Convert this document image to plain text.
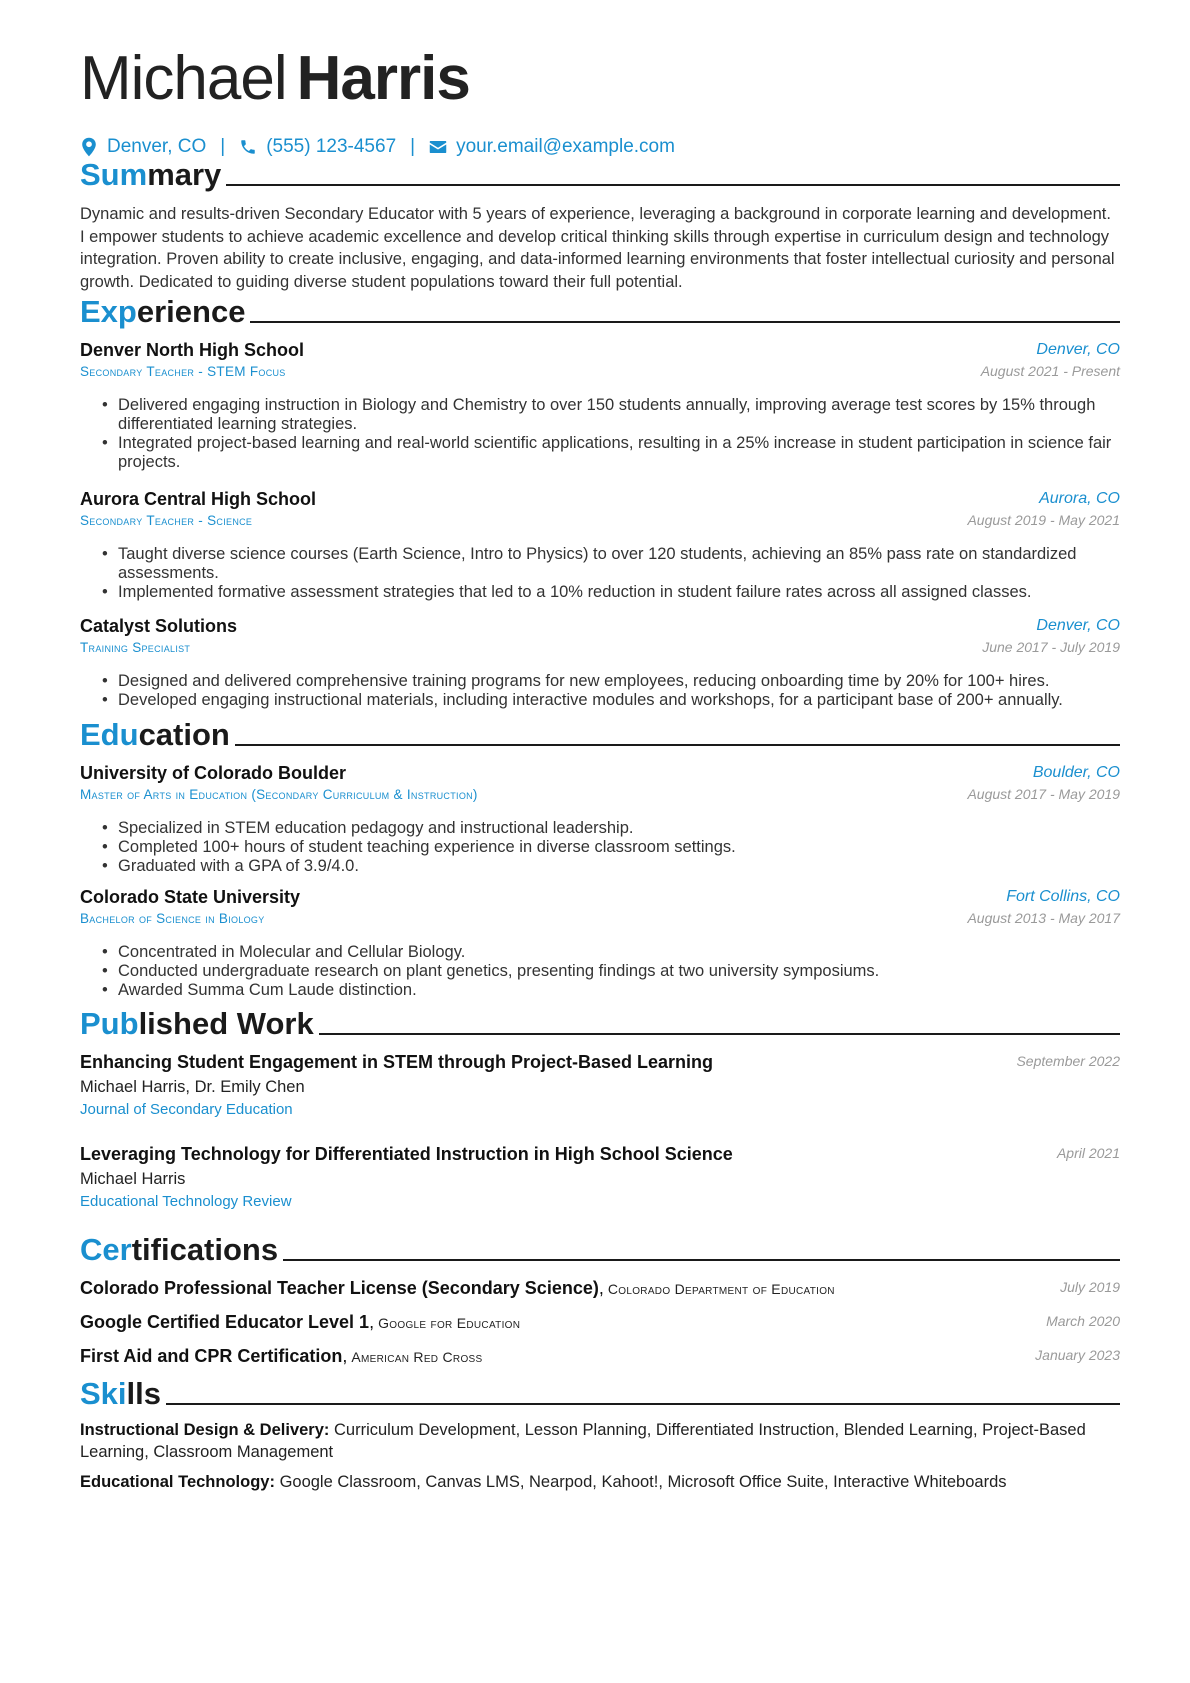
Michael Harris
Denver, CO | (555) 123-4567 | your.email@example.com
Summary
Dynamic and results-driven Secondary Educator with 5 years of experience, leveraging a background in corporate learning and development. I empower students to achieve academic excellence and develop critical thinking skills through expertise in curriculum design and technology integration. Proven ability to create inclusive, engaging, and data-informed learning environments that foster intellectual curiosity and personal growth. Dedicated to guiding diverse student populations toward their full potential.
Experience
Denver North High School	Denver, CO
Secondary Teacher - STEM Focus	August 2021 - Present
• Delivered engaging instruction in Biology and Chemistry to over 150 students annually, improving average test scores by 15% through differentiated learning strategies.
• Integrated project-based learning and real-world scientific applications, resulting in a 25% increase in student participation in science fair projects.
Aurora Central High School	Aurora, CO
Secondary Teacher - Science	August 2019 - May 2021
• Taught diverse science courses (Earth Science, Intro to Physics) to over 120 students, achieving an 85% pass rate on standardized assessments.
• Implemented formative assessment strategies that led to a 10% reduction in student failure rates across all assigned classes.
Catalyst Solutions	Denver, CO
Training Specialist	June 2017 - July 2019
• Designed and delivered comprehensive training programs for new employees, reducing onboarding time by 20% for 100+ hires.
• Developed engaging instructional materials, including interactive modules and workshops, for a participant base of 200+ annually.
Education
University of Colorado Boulder	Boulder, CO
Master of Arts in Education (Secondary Curriculum & Instruction)	August 2017 - May 2019
• Specialized in STEM education pedagogy and instructional leadership.
• Completed 100+ hours of student teaching experience in diverse classroom settings.
• Graduated with a GPA of 3.9/4.0.
Colorado State University	Fort Collins, CO
Bachelor of Science in Biology	August 2013 - May 2017
• Concentrated in Molecular and Cellular Biology.
• Conducted undergraduate research on plant genetics, presenting findings at two university symposiums.
• Awarded Summa Cum Laude distinction.
Published Work
Enhancing Student Engagement in STEM through Project-Based Learning	September 2022
Michael Harris, Dr. Emily Chen
Journal of Secondary Education
Leveraging Technology for Differentiated Instruction in High School Science	April 2021
Michael Harris
Educational Technology Review
Certifications
Colorado Professional Teacher License (Secondary Science), Colorado Department of Education	July 2019
Google Certified Educator Level 1, Google for Education	March 2020
First Aid and CPR Certification, American Red Cross	January 2023
Skills
Instructional Design & Delivery: Curriculum Development, Lesson Planning, Differentiated Instruction, Blended Learning, Project-Based Learning, Classroom Management
Educational Technology: Google Classroom, Canvas LMS, Nearpod, Kahoot!, Microsoft Office Suite, Interactive Whiteboards
